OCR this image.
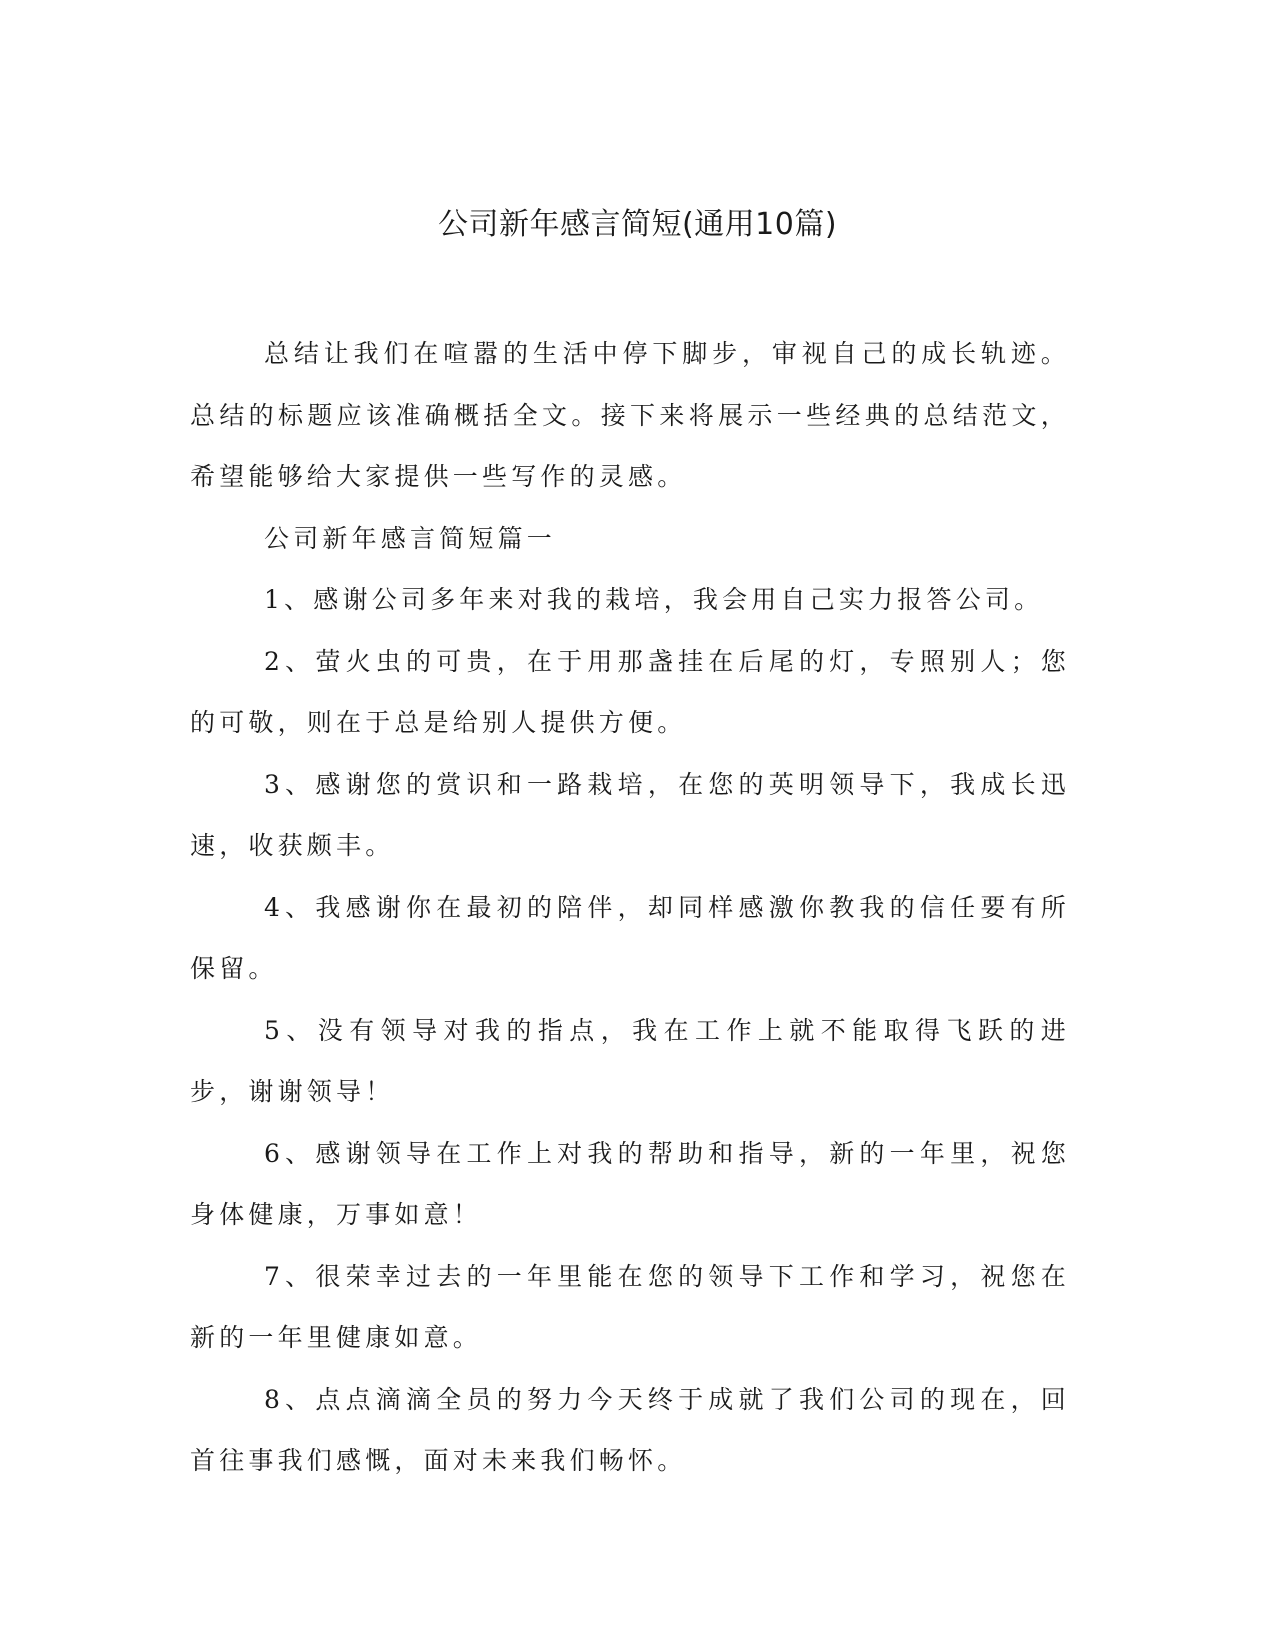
公司新年感言简短(通用10篇)

总结让我们在喧嚣的生活中停下脚步，审视自己的成长轨迹。总结的标题应该准确概括全文。接下来将展示一些经典的总结范文，希望能够给大家提供一些写作的灵感。

公司新年感言简短篇一

1、感谢公司多年来对我的栽培，我会用自己实力报答公司。

2、萤火虫的可贵，在于用那盏挂在后尾的灯，专照别人；您的可敬，则在于总是给别人提供方便。

3、感谢您的赏识和一路栽培，在您的英明领导下，我成长迅速，收获颇丰。

4、我感谢你在最初的陪伴，却同样感激你教我的信任要有所保留。

5、没有领导对我的指点，我在工作上就不能取得飞跃的进步，谢谢领导！

6、感谢领导在工作上对我的帮助和指导，新的一年里，祝您身体健康，万事如意！

7、很荣幸过去的一年里能在您的领导下工作和学习，祝您在新的一年里健康如意。

8、点点滴滴全员的努力今天终于成就了我们公司的现在，回首往事我们感慨，面对未来我们畅怀。
